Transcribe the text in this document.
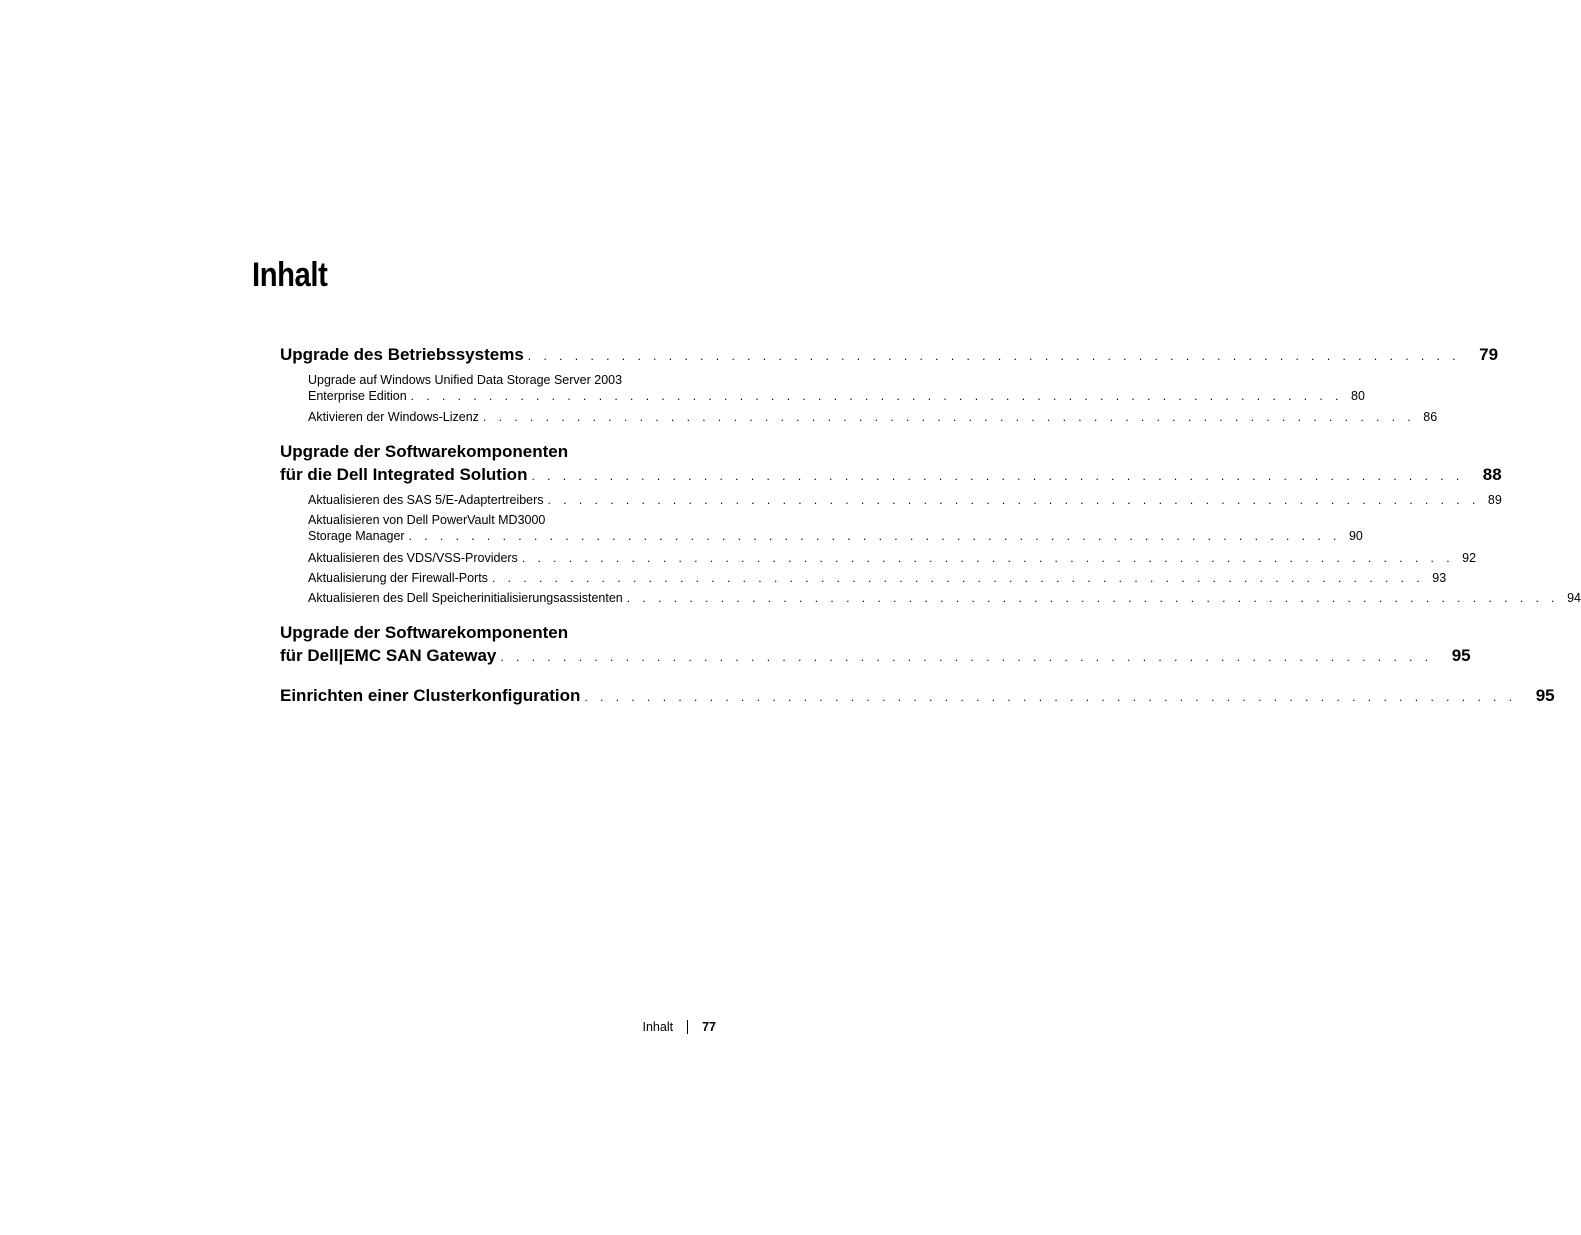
Inhalt
Upgrade des Betriebssystems . . . . . . . . . . . . . . . . . . . . . . . . . . . . . . . . . . . . . . . . . . . . . . . . . . . . . . . . . . . . 79
Upgrade auf Windows Unified Data Storage Server 2003
Enterprise Edition . . . . . . . . . . . . . . . . . . . . . . . . . . . . . . . . . . . . . . . . . . . . . . . . . . . . . . . . . . . . 80
Aktivieren der Windows-Lizenz . . . . . . . . . . . . . . . . . . . . . . . . . . . . . . . . . . . . . . . . . . . . . . . . . . . . . . . . . . . . 86
Upgrade der Softwarekomponenten
für die Dell Integrated Solution . . . . . . . . . . . . . . . . . . . . . . . . . . . . . . . . . . . . . . . . . . . . . . . . . . . . . . . . . . . . 88
Aktualisieren des SAS 5/E-Adaptertreibers . . . . . . . . . . . . . . . . . . . . . . . . . . . . . . . . . . . . . . . . . . . . . . . . . . . . . . . . . . . . 89
Aktualisieren von Dell PowerVault MD3000
Storage Manager . . . . . . . . . . . . . . . . . . . . . . . . . . . . . . . . . . . . . . . . . . . . . . . . . . . . . . . . . . . . 90
Aktualisieren des VDS/VSS-Providers . . . . . . . . . . . . . . . . . . . . . . . . . . . . . . . . . . . . . . . . . . . . . . . . . . . . . . . . . . . . 92
Aktualisierung der Firewall-Ports . . . . . . . . . . . . . . . . . . . . . . . . . . . . . . . . . . . . . . . . . . . . . . . . . . . . . . . . . . . . 93
Aktualisieren des Dell Speicherinitialisierungsassistenten . . . . . . . . . . . . . . . . . . . . . . . . . . . . . . . . . . . . . . . . . . . . . . . . . . . . . . . . . . . . 94
Upgrade der Softwarekomponenten
für Dell|EMC SAN Gateway . . . . . . . . . . . . . . . . . . . . . . . . . . . . . . . . . . . . . . . . . . . . . . . . . . . . . . . . . . . . 95
Einrichten einer Clusterkonfiguration . . . . . . . . . . . . . . . . . . . . . . . . . . . . . . . . . . . . . . . . . . . . . . . . . . . . . . . . . . . . 95
Inhalt 77
